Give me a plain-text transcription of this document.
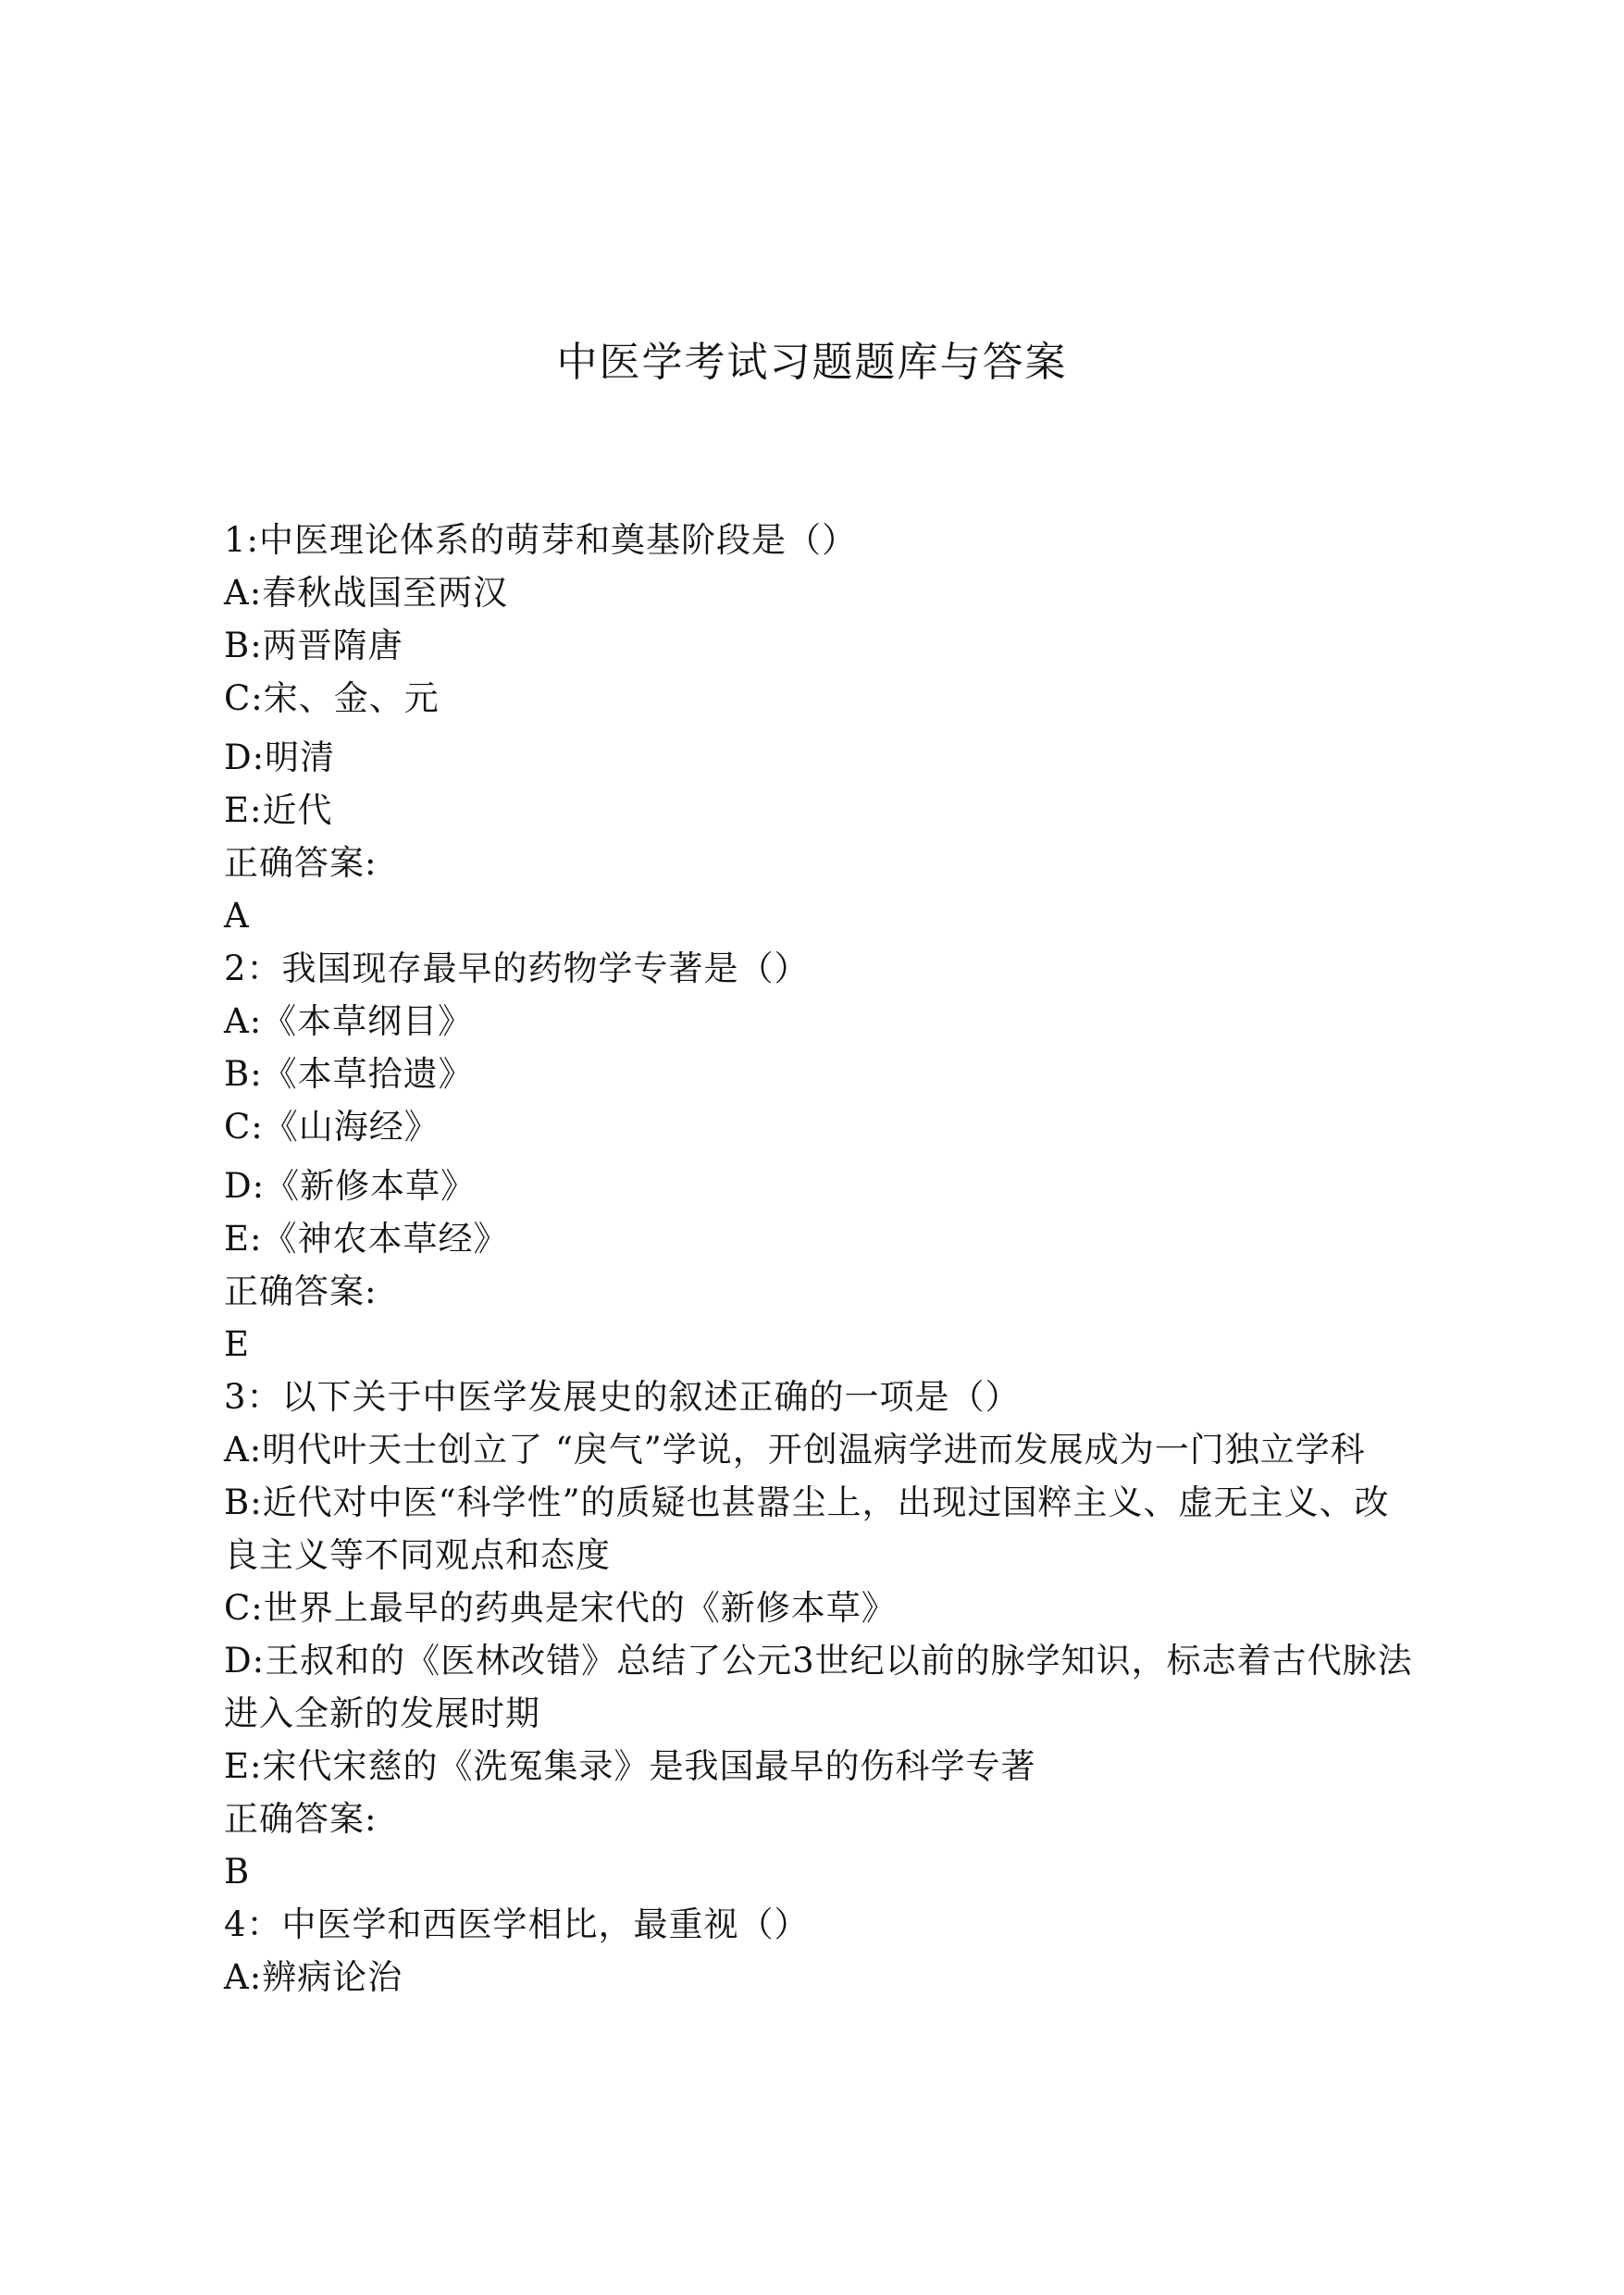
中医学考试习题题库与答案
1:中医理论体系的萌芽和奠基阶段是（）
A:春秋战国至两汉
B:两晋隋唐
C:宋、金、元
D:明清
E:近代
正确答案:
A
2：我国现存最早的药物学专著是（）
A:《本草纲目》
B:《本草拾遗》
C:《山海经》
D:《新修本草》
E:《神农本草经》
正确答案:
E
3：以下关于中医学发展史的叙述正确的一项是（）
A:明代叶天士创立了 “戾气”学说，开创温病学进而发展成为一门独立学科
B:近代对中医“科学性”的质疑也甚嚣尘上，出现过国粹主义、虚无主义、改良主义等不同观点和态度
C:世界上最早的药典是宋代的《新修本草》
D:王叔和的《医林改错》总结了公元3世纪以前的脉学知识，标志着古代脉法进入全新的发展时期
E:宋代宋慈的《洗冤集录》是我国最早的伤科学专著
正确答案:
B
4：中医学和西医学相比，最重视（）
A:辨病论治
